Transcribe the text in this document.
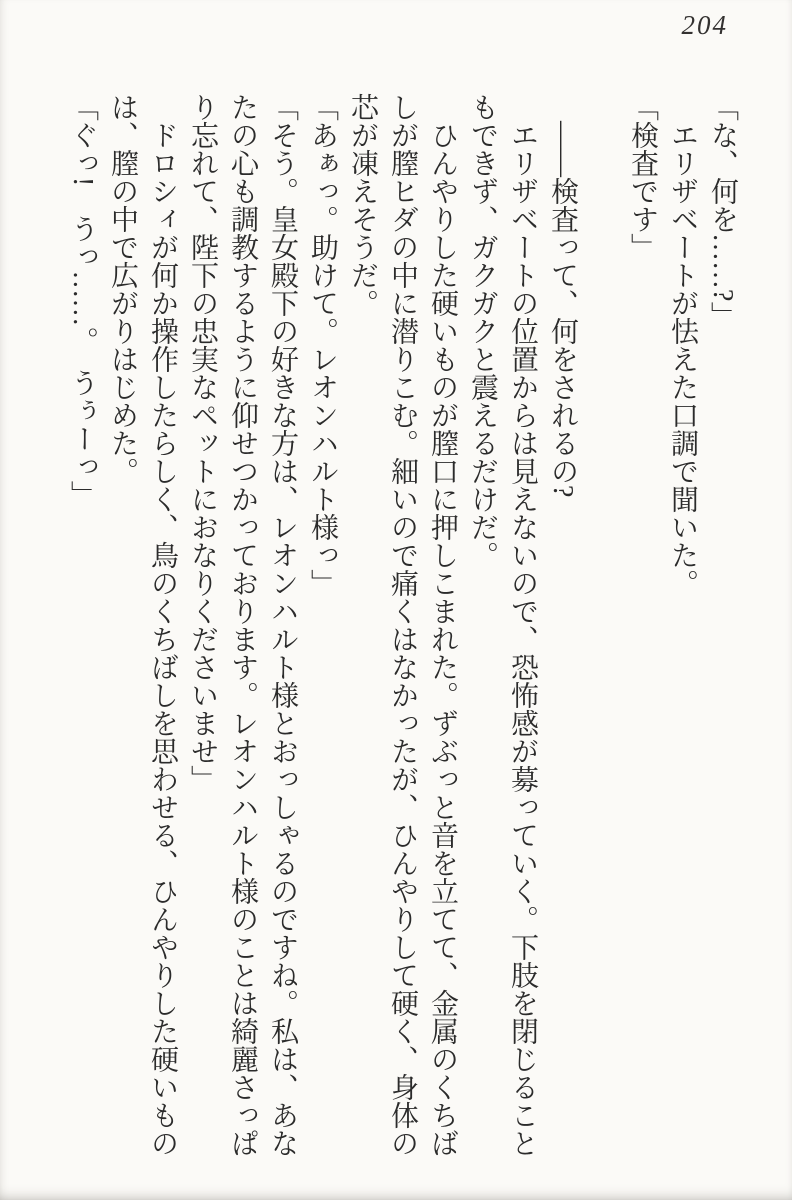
204
「な、何を……?」
エリザベートが怯えた口調で聞いた。
「検査です」
――検査って、何をされるの?
エリザベートの位置からは見えないので、恐怖感が募っていく。下肢を閉じること
もできず、ガクガクと震えるだけだ。
ひんやりした硬いものが膣口に押しこまれた。ずぶっと音を立てて、金属のくちば
しが膣ヒダの中に潜りこむ。細いので痛くはなかったが、ひんやりして硬く、身体の
芯が凍えそうだ。
「あぁっ。助けて。レオンハルト様っ」
「そう。皇女殿下の好きな方は、レオンハルト様とおっしゃるのですね。私は、あな
たの心も調教するように仰せつかっております。レオンハルト様のことは綺麗さっぱ
り忘れて、陛下の忠実なペットにおなりくださいませ」
ドロシィが何か操作したらしく、鳥のくちばしを思わせる、ひんやりした硬いもの
は、膣の中で広がりはじめた。
「ぐっ!　うっ……。　うぅーっ」
